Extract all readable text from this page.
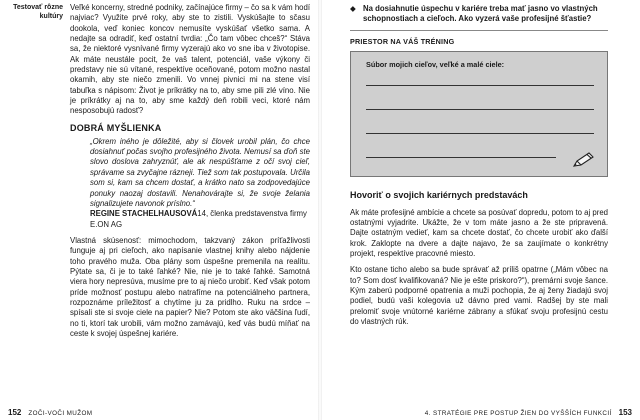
Testovať rôzne kultúry

Veľké koncerny, stredné podniky, začínajúce firmy – čo sa k vám hodí najviac? Využite prvé roky, aby ste to zistili. Vyskúšajte to sčasu dookola, veď koniec koncov nemusíte vyskúšať všetko sama. A nedajte sa odradiť, keď ostatní tvrdia: „Čo tam vôbec chceš?“ Stáva sa, že niektoré vysnívané firmy vyzerajú ako vo sne iba v životopise. Ak máte neustále pocit, že vaš talent, potenciál, vaše výkony či predstavy nie sú vítané, respektíve oceňované, potom možno nastal okamih, aby ste niečo zmenili. Vo vnnej pivnici mi na stene visí tabuľka s nápisom: Život je príkrátky na to, aby sme pili zlé víno. Nie je príkrátky aj na to, aby sme každý deň robili veci, ktoré nám nesposobujú radosť?

DOBRÁ MYŠLIENKA

„Okrem iného je dôležité, aby si človek urobil plán, čo chce dosiahnuť počas svojho profesijného života. Nemusí sa ďoň ste slovo doslova zahryznúť, ale ak nespúšťame z očí svoj cieľ, správame sa zvyčajne rázneji. Tiež som tak postupovala. Určila som si, kam sa chcem dostať, a krátko nato sa zodpovedajúce ponuky naozaj dostavili. Nenahovárajte si, že svoje želania signalizujete navonok príslno.“

REGINE STACHELHAUSOVÁ14, členka predstavenstva firmy E.ON AG

Vlastná skúsenosť: mimochodom, takzvaný zákon príťažlivosti funguje aj pri cieľoch, ako napísanie vlastnej knihy alebo nájdenie toho pravého muža. Oba plány som úspešne premenila na realitu. Pýtate sa, či je to také ľahké? Nie, nie je to také ľahké. Samotná viera hory nepresúva, musíme pre to aj niečo urobiť. Keď však potom príde možnosť postupu alebo natrafíme na potenciálneho partnera, rozpoznáme príležitosť a chytíme ju za pridlho. Ruku na srdce – spísali ste si svoje ciele na papier? Nie? Potom ste ako väčšina ľudí, no ti, ktorí tak urobili, vám možno zamávajú, keď vás budú míňať na ceste k svojej úspešnej kariére.

152 ZOČI-VOČI MUŽOM
◆ Na dosiahnutie úspechu v kariére treba mať jasno vo vlastných schopnostiach a cieľoch. Ako vyzerá vaše profesijné šťastie?

PRIESTOR NA VÁŠ TRÉNING
Súbor mojich cieľov, veľké a malé ciele:
Hovoriť o svojich kariérnych predstavách

Ak máte profesijné ambície a chcete sa posúvať dopredu, potom to aj pred ostatnými vyjadrite. Ukážte, že v tom máte jasno a že ste pripravená. Dajte ostatným vedieť, kam sa chcete dostať, čo chcete urobiť ako ďalší krok. Zaklopte na dvere a dajte najavo, že sa zaujímate o konkrétny projekt, respektíve pracovné miesto.

Kto ostane ticho alebo sa bude správať až príliš opatrne („Mám vôbec na to? Som dosť kvalifikovaná? Nie je ešte priskoro?“), premárni svoje šance. Kým zaberú podporné opatrenia a muži pochopia, že aj ženy žiadajú svoj podiel, budú vaši kolegovia už dávno pred vami. Radšej by ste mali prelomiť svoje vnútorné kariérne zábrany a sfúkať svoju profesijnú cestu do vlastných rúk.

4. STRATÉGIE PRE POSTUP ŽIEN DO VYŠŠÍCH FUNKCIÍ 153
